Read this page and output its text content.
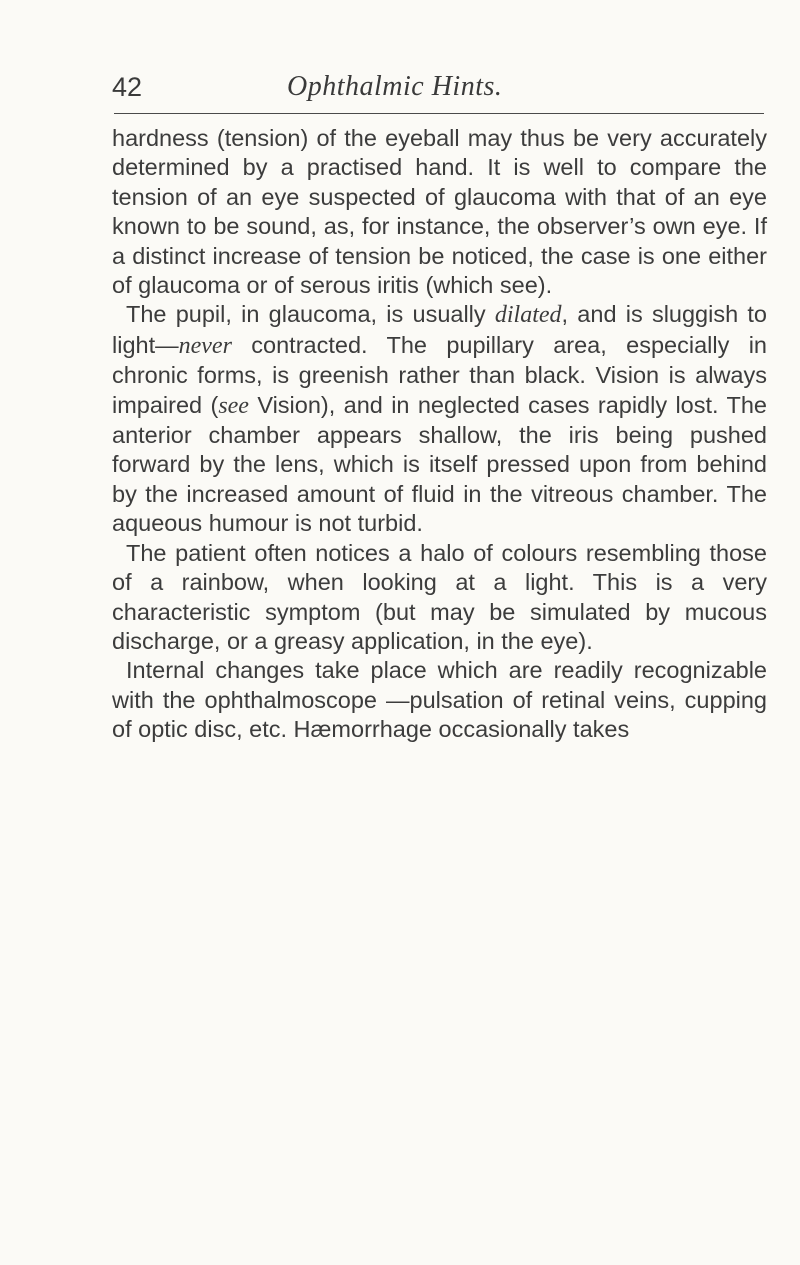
42	Ophthalmic Hints.

hardness (tension) of the eyeball may thus be very accurately determined by a practised hand. It is well to compare the tension of an eye suspected of glaucoma with that of an eye known to be sound, as, for instance, the observer’s own eye. If a distinct increase of tension be noticed, the case is one either of glaucoma or of serous iritis (which see).

The pupil, in glaucoma, is usually dilated, and is sluggish to light—never contracted. The pupillary area, especially in chronic forms, is greenish rather than black. Vision is always impaired (see Vision), and in neglected cases rapidly lost. The anterior chamber appears shallow, the iris being pushed forward by the lens, which is itself pressed upon from behind by the increased amount of fluid in the vitreous chamber. The aqueous humour is not turbid.

The patient often notices a halo of colours resembling those of a rainbow, when looking at a light. This is a very characteristic symptom (but may be simulated by mucous discharge, or a greasy application, in the eye).

Internal changes take place which are readily recognizable with the ophthalmoscope —pulsation of retinal veins, cupping of optic disc, etc. Hæmorrhage occasionally takes
